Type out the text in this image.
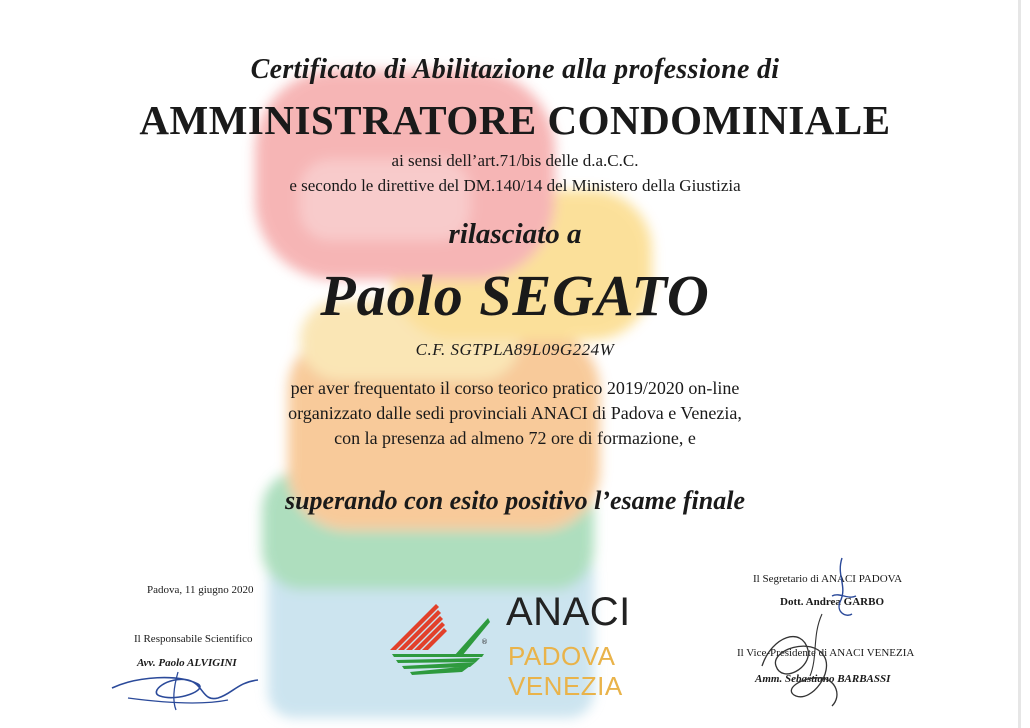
Certificato di Abilitazione alla professione di
AMMINISTRATORE CONDOMINIALE
ai sensi dell’art.71/bis delle d.a.C.C.
e secondo le direttive del DM.140/14 del Ministero della Giustizia
rilasciato a
Paolo SEGATO
C.F. SGTPLA89L09G224W
per aver frequentato il corso teorico pratico 2019/2020 on-line
organizzato dalle sedi provinciali ANACI di Padova e Venezia,
con la presenza ad almeno 72 ore di formazione, e
superando con esito positivo l’esame finale
Padova, 11 giugno 2020
Il Responsabile Scientifico
Avv. Paolo ALVIGINI
Il Segretario di ANACI PADOVA
Dott. Andrea GARBO
Il Vice-Presidente di ANACI VENEZIA
Amm. Sebastiano BARBASSI
®
ANACI
PADOVA
VENEZIA
